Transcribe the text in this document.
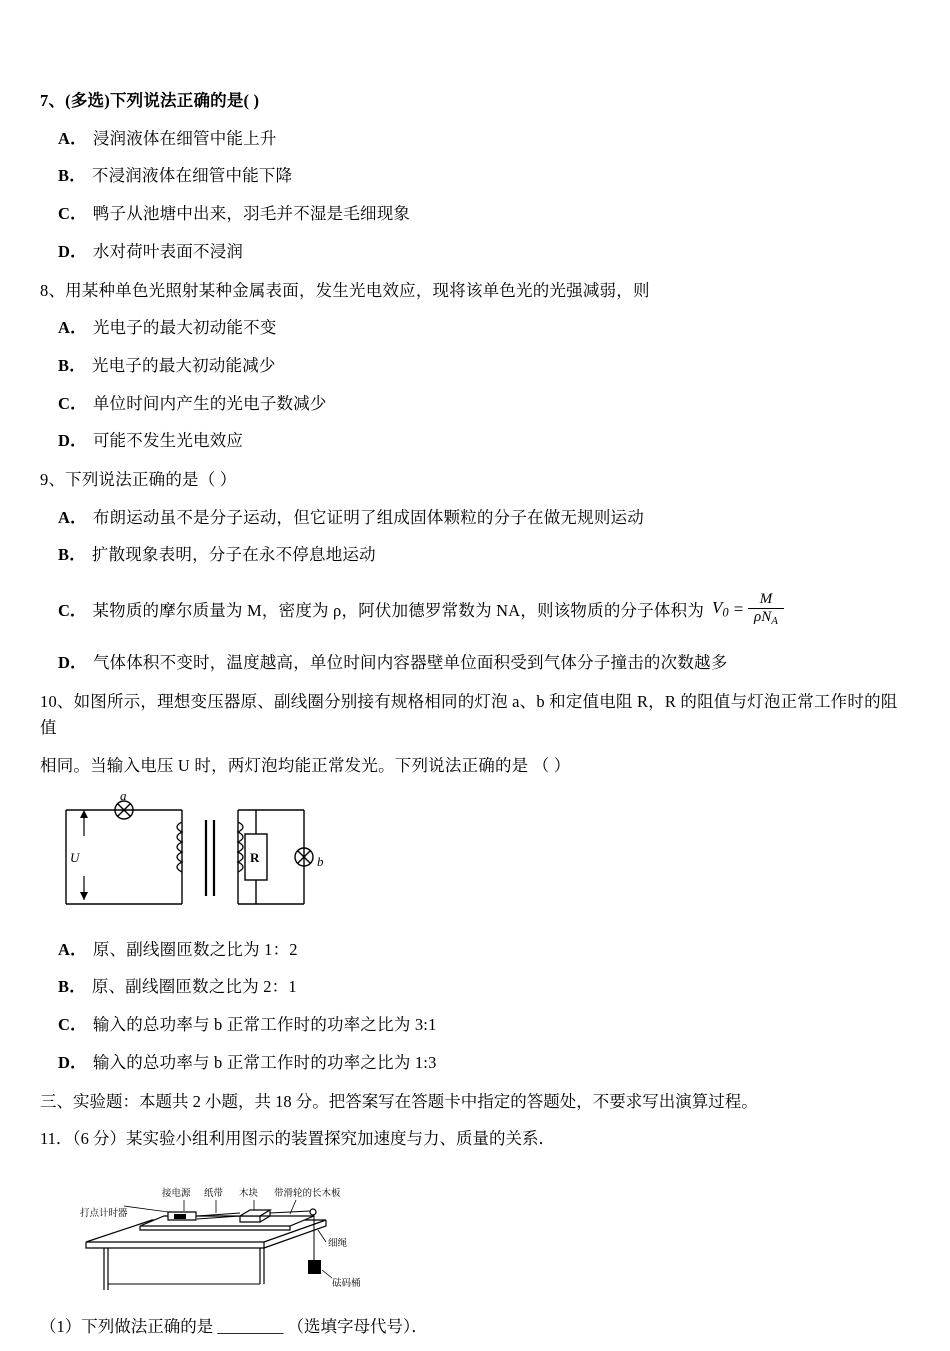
7、(多选)下列说法正确的是( )
A． 浸润液体在细管中能上升
B． 不浸润液体在细管中能下降
C． 鸭子从池塘中出来，羽毛并不湿是毛细现象
D． 水对荷叶表面不浸润
8、用某种单色光照射某种金属表面，发生光电效应，现将该单色光的光强减弱，则
A． 光电子的最大初动能不变
B． 光电子的最大初动能减少
C． 单位时间内产生的光电子数减少
D． 可能不发生光电效应
9、下列说法正确的是（ ）
A． 布朗运动虽不是分子运动，但它证明了组成固体颗粒的分子在做无规则运动
B． 扩散现象表明，分子在永不停息地运动
C． 某物质的摩尔质量为 M，密度为 ρ，阿伏加德罗常数为 NA，则该物质的分子体积为 $V_0 = \frac{M}{\rho N_A}$
D． 气体体积不变时，温度越高，单位时间内容器壁单位面积受到气体分子撞击的次数越多
10、如图所示，理想变压器原、副线圈分别接有规格相同的灯泡 a、b 和定值电阻 R，R 的阻值与灯泡正常工作时的阻值
相同。当输入电压 U 时，两灯泡均能正常发光。下列说法正确的是 （ ）
U
a
b
R
A． 原、副线圈匝数之比为 1：2
B． 原、副线圈匝数之比为 2：1
C． 输入的总功率与 b 正常工作时的功率之比为 3:1
D． 输入的总功率与 b 正常工作时的功率之比为 1:3
三、实验题：本题共 2 小题，共 18 分。把答案写在答题卡中指定的答题处，不要求写出演算过程。
11．（6 分）某实验小组利用图示的装置探究加速度与力、质量的关系．
打点计时器
接电源 纸带 木块 带滑轮的长木板
细绳
砝码桶
（1）下列做法正确的是 ________ （选填字母代号）．
